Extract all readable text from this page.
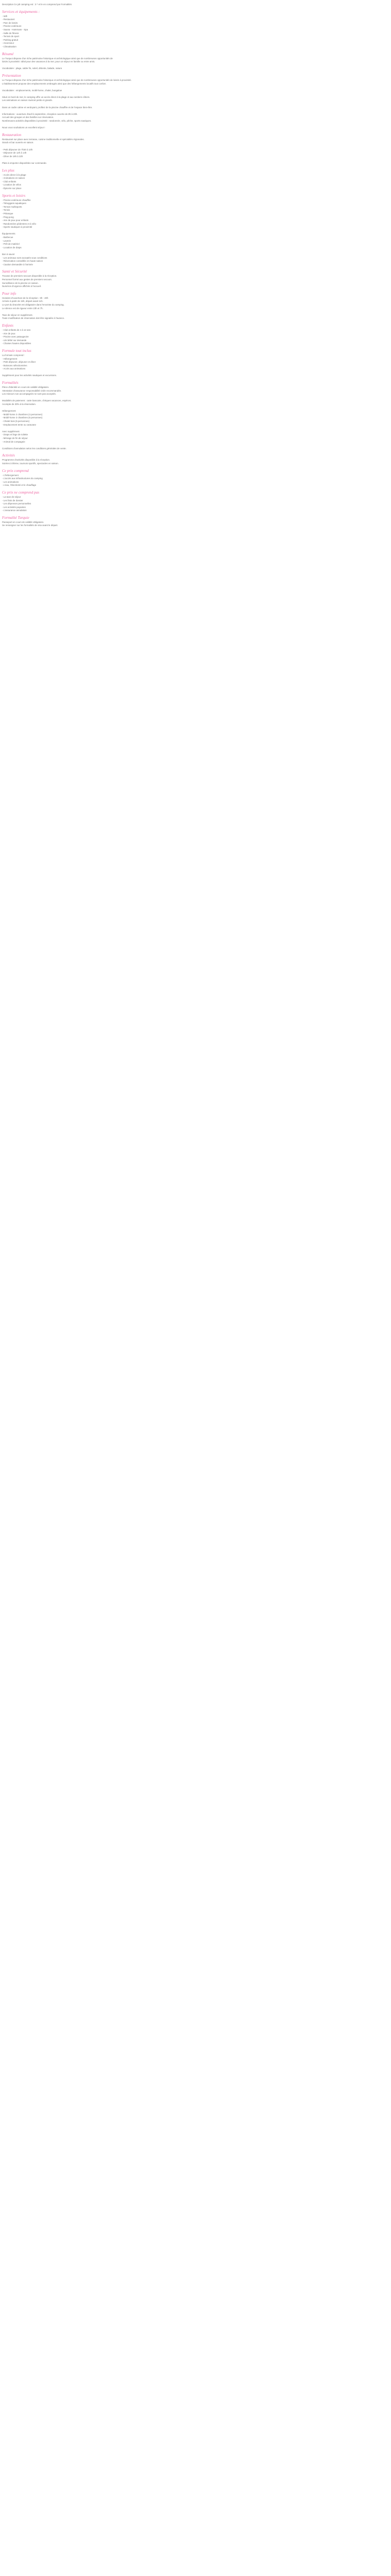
Description Ce joli camping est : 3 * et le en comprend par Formalités
Services et équipements :
- Wifi
- Restaurant
- Parc de loisirs
- Piscine extérieure
- Sauna - Hammam - Spa
- Salle de fitness
- Terrain de sport
- Parking gratuit
- Ascenseur
- Climatisation
Résumé
Le Turquoi dispose d'un riche patrimoine historique et archéologique ainsi que de nombreuses opportunités de
loisirs à proximité. Idéal pour des vacances à la mer, pour un séjour en famille ou entre amis.
Vocabulaire : plage, sable fin, soleil, détente, balade, nature
Présentation
Le Turquoi dispose d'un riche patrimoine historique et archéologique ainsi que de nombreuses opportunités de loisirs à proximité.
L'établissement propose des emplacements ombragés ainsi que des hébergements locatifs tout confort.
Vocabulaire : emplacements, mobil-home, chalet, bungalow
Situé en bord de mer, le camping offre un accès direct à la plage et aux sentiers côtiers.
Les animations en saison raviront petits et grands.
Dans un cadre calme et verdoyant, profitez de la piscine chauffée et de l'espace bien-être.
Informations : ouverture d'avril à septembre, réception ouverte de 8h à 20h.
Accueil des groupes et des familles sur réservation.
Nombreuses activités disponibles à proximité : randonnée, vélo, pêche, sports nautiques.
Nous vous souhaitons un excellent séjour !
Restauration
Restaurant sur place avec terrasse, cuisine traditionnelle et spécialités régionales.
Snack et bar ouverts en saison.
- Petit déjeuner de 7h30 à 10h
- Déjeuner de 12h à 14h
- Dîner de 19h à 22h
Plats à emporter disponibles sur commande.
Les plus
- Accès direct à la plage
- Animations en saison
- Club enfants
- Location de vélos
- Épicerie sur place
Sports et loisirs
- Piscine extérieure chauffée
- Toboggans aquatiques
- Terrain multisports
- Tennis
- Pétanque
- Ping-pong
- Aire de jeux pour enfants
- Randonnées pédestres et à vélo
- Sports nautiques à proximité
Équipements
- Barbecue
- Laverie
- Prêt de matériel
- Location de draps
Bon à savoir
- Les animaux sont acceptés sous conditions
- Réservation conseillée en haute saison
- Caution demandée à l'arrivée
Santé et Sécurité
Trousse de premiers secours disponible à la réception.
Personnel formé aux gestes de premiers secours.
Surveillance de la piscine en saison.
Numéros d'urgence affichés à l'accueil.
Pour info
Horaires d'ouverture de la réception : 8h - 20h
Arrivée à partir de 15h, départ avant 11h.
Le port du bracelet est obligatoire dans l'enceinte du camping.
Le silence est de rigueur entre 23h et 7h.
Taxe de séjour en supplément.
Toute modification de réservation doit être signalée à l'avance.
Enfants
- Club enfants de 4 à 12 ans
- Aire de jeux
- Piscine avec pataugeoire
- Lits bébé sur demande
- Chaises hautes disponibles
Formule tout inclus
La formule comprend :
- Hébergement
- Petit déjeuner, déjeuner et dîner
- Boissons sélectionnées
- Accès aux animations
Supplément pour les activités nautiques et excursions.
Formalités
Pièce d'identité en cours de validité obligatoire.
Attestation d'assurance responsabilité civile recommandée.
Les mineurs non accompagnés ne sont pas acceptés.
Modalités de paiement : carte bancaire, chèques vacances, espèces.
Acompte de 30% à la réservation.
Hébergement
- Mobil-home 2 chambres (4 personnes)
- Mobil-home 3 chambres (6 personnes)
- Chalet bois (5 personnes)
- Emplacement tente ou caravane
Avec supplément
- Draps et linge de toilette
- Ménage de fin de séjour
- Animal de compagnie
Conditions d'annulation selon les conditions générales de vente.
Activités
Programme d'activités disponible à la réception.
Soirées à thème, tournois sportifs, spectacles en saison.
Ce prix comprend
- L'hébergement
- L'accès aux infrastructures du camping
- Les animations
- L'eau, l'électricité et le chauffage
Ce prix ne comprend pas
- La taxe de séjour
- Les frais de dossier
- Les dépenses personnelles
- Les activités payantes
- L'assurance annulation
Formalité Turquie
Passeport en cours de validité obligatoire.
Se renseigner sur les formalités de visa avant le départ.
